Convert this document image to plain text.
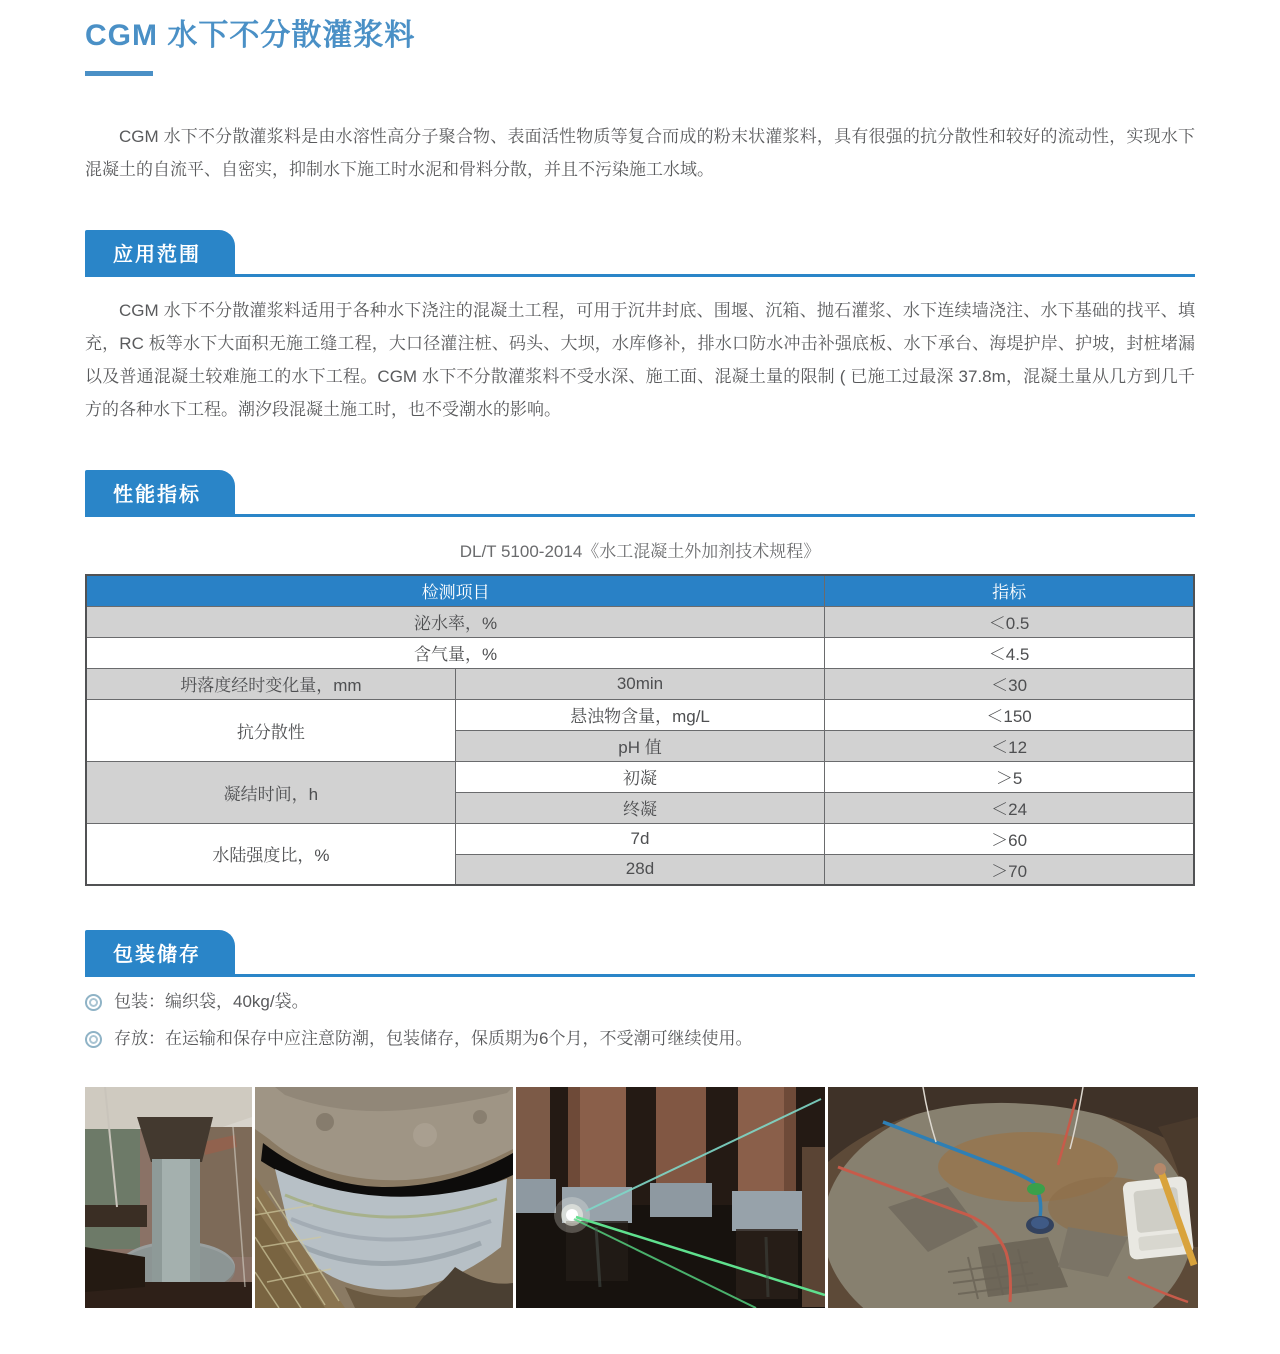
CGM 水下不分散灌浆料

CGM 水下不分散灌浆料是由水溶性高分子聚合物、表面活性物质等复合而成的粉末状灌浆料，具有很强的抗分散性和较好的流动性，实现水下混凝土的自流平、自密实，抑制水下施工时水泥和骨料分散，并且不污染施工水域。

应用范围

CGM 水下不分散灌浆料适用于各种水下浇注的混凝土工程，可用于沉井封底、围堰、沉箱、抛石灌浆、水下连续墙浇注、水下基础的找平、填充，RC 板等水下大面积无施工缝工程，大口径灌注桩、码头、大坝，水库修补，排水口防水冲击补强底板、水下承台、海堤护岸、护坡，封桩堵漏以及普通混凝土较难施工的水下工程。CGM 水下不分散灌浆料不受水深、施工面、混凝土量的限制 ( 已施工过最深 37.8m，混凝土量从几方到几千方的各种水下工程。潮汐段混凝土施工时，也不受潮水的影响。

性能指标
DL/T 5100-2014《水工混凝土外加剂技术规程》
检测项目		指标
泌水率，%		＜0.5
含气量，%		＜4.5
坍落度经时变化量，mm	30min	＜30
抗分散性	悬浊物含量，mg/L	＜150
	pH 值	＜12
凝结时间，h	初凝	＞5
	终凝	＜24
水陆强度比，%	7d	＞60
	28d	＞70
包装储存
包装：编织袋，40kg/袋。
存放：在运输和保存中应注意防潮，包装储存，保质期为6个月，不受潮可继续使用。
